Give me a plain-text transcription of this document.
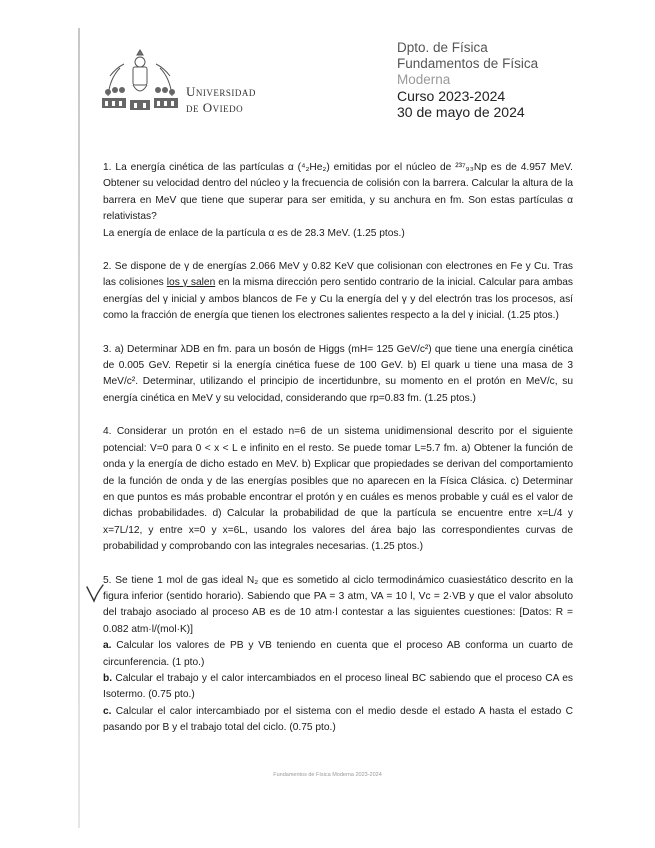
Universidad
de Oviedo
Dpto. de Física
Fundamentos de Física
Moderna
Curso 2023-2024
30 de mayo de 2024

1. La energía cinética de las partículas α (⁴₂He₂) emitidas por el núcleo de ²³⁷₉₃Np es de 4.957 MeV. Obtener su velocidad dentro del núcleo y la frecuencia de colisión con la barrera. Calcular la altura de la barrera en MeV que tiene que superar para ser emitida, y su anchura en fm. Son estas partículas α relativistas?

La energía de enlace de la partícula α es de 28.3 MeV. (1.25 ptos.)

2. Se dispone de γ de energías 2.066 MeV y 0.82 KeV que colisionan con electrones en Fe y Cu. Tras las colisiones los γ salen en la misma dirección pero sentido contrario de la inicial. Calcular para ambas energías del γ inicial y ambos blancos de Fe y Cu la energía del γ y del electrón tras los procesos, así como la fracción de energía que tienen los electrones salientes respecto a la del γ inicial. (1.25 ptos.)

3. a) Determinar λDB en fm. para un bosón de Higgs (mH= 125 GeV/c²) que tiene una energía cinética de 0.005 GeV. Repetir si la energía cinética fuese de 100 GeV. b) El quark u tiene una masa de 3 MeV/c². Determinar, utilizando el principio de incertidunbre, su momento en el protón en MeV/c, su energía cinética en MeV y su velocidad, considerando que rp=0.83 fm. (1.25 ptos.)

4. Considerar un protón en el estado n=6 de un sistema unidimensional descrito por el siguiente potencial: V=0 para 0 < x < L e infinito en el resto. Se puede tomar L=5.7 fm. a) Obtener la función de onda y la energía de dicho estado en MeV. b) Explicar que propiedades se derivan del comportamiento de la función de onda y de las energías posibles que no aparecen en la Física Clásica. c) Determinar en que puntos es más probable encontrar el protón y en cuáles es menos probable y cuál es el valor de dichas probabilidades. d) Calcular la probabilidad de que la partícula se encuentre entre x=L/4 y x=7L/12, y entre x=0 y x=6L, usando los valores del área bajo las correspondientes curvas de probabilidad y comprobando con las integrales necesarias. (1.25 ptos.)

5. Se tiene 1 mol de gas ideal N₂ que es sometido al ciclo termodinámico cuasiestático descrito en la figura inferior (sentido horario). Sabiendo que PA = 3 atm, VA = 10 l, Vc = 2·VB y que el valor absoluto del trabajo asociado al proceso AB es de 10 atm·l contestar a las siguientes cuestiones: [Datos: R = 0.082 atm·l/(mol·K)]

a. Calcular los valores de PB y VB teniendo en cuenta que el proceso AB conforma un cuarto de circunferencia. (1 pto.)

b. Calcular el trabajo y el calor intercambiados en el proceso lineal BC sabiendo que el proceso CA es Isotermo. (0.75 pto.)

c. Calcular el calor intercambiado por el sistema con el medio desde el estado A hasta el estado C pasando por B y el trabajo total del ciclo. (0.75 pto.)

Fundamentos de Física Moderna 2023-2024
